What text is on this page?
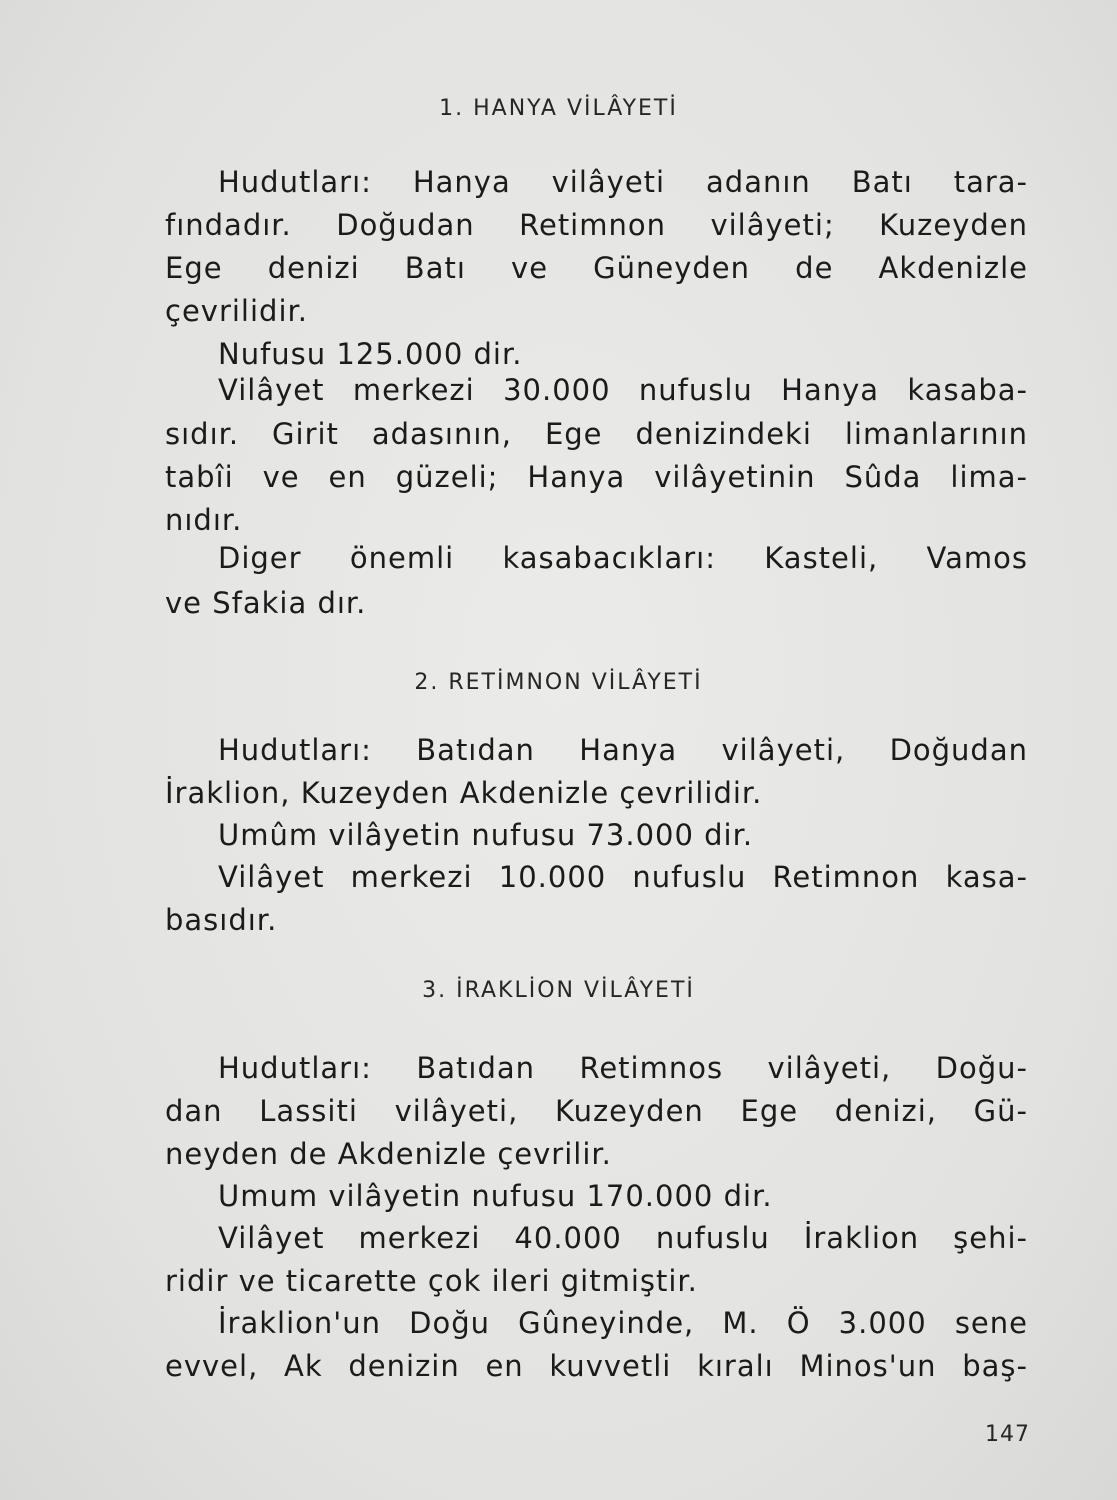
1. HANYA VİLÂYETİ
Hudutları: Hanya vilâyeti adanın Batı tara-
fındadır. Doğudan Retimnon vilâyeti; Kuzeyden
Ege denizi Batı ve Güneyden de Akdenizle
çevrilidir.
Nufusu 125.000 dir.
Vilâyet merkezi 30.000 nufuslu Hanya kasaba-
sıdır. Girit adasının, Ege denizindeki limanlarının
tabîi ve en güzeli; Hanya vilâyetinin Sûda lima-
nıdır.
Diger önemli kasabacıkları: Kasteli, Vamos
ve Sfakia dır.
2. RETİMNON VİLÂYETİ
Hudutları: Batıdan Hanya vilâyeti, Doğudan
İraklion, Kuzeyden Akdenizle çevrilidir.
Umûm vilâyetin nufusu 73.000 dir.
Vilâyet merkezi 10.000 nufuslu Retimnon kasa-
basıdır.
3. İRAKLİON VİLÂYETİ
Hudutları: Batıdan Retimnos vilâyeti, Doğu-
dan Lassiti vilâyeti, Kuzeyden Ege denizi, Gü-
neyden de Akdenizle çevrilir.
Umum vilâyetin nufusu 170.000 dir.
Vilâyet merkezi 40.000 nufuslu İraklion şehi-
ridir ve ticarette çok ileri gitmiştir.
İraklion'un Doğu Gûneyinde, M. Ö 3.000 sene
evvel, Ak denizin en kuvvetli kıralı Minos'un baş-
147
